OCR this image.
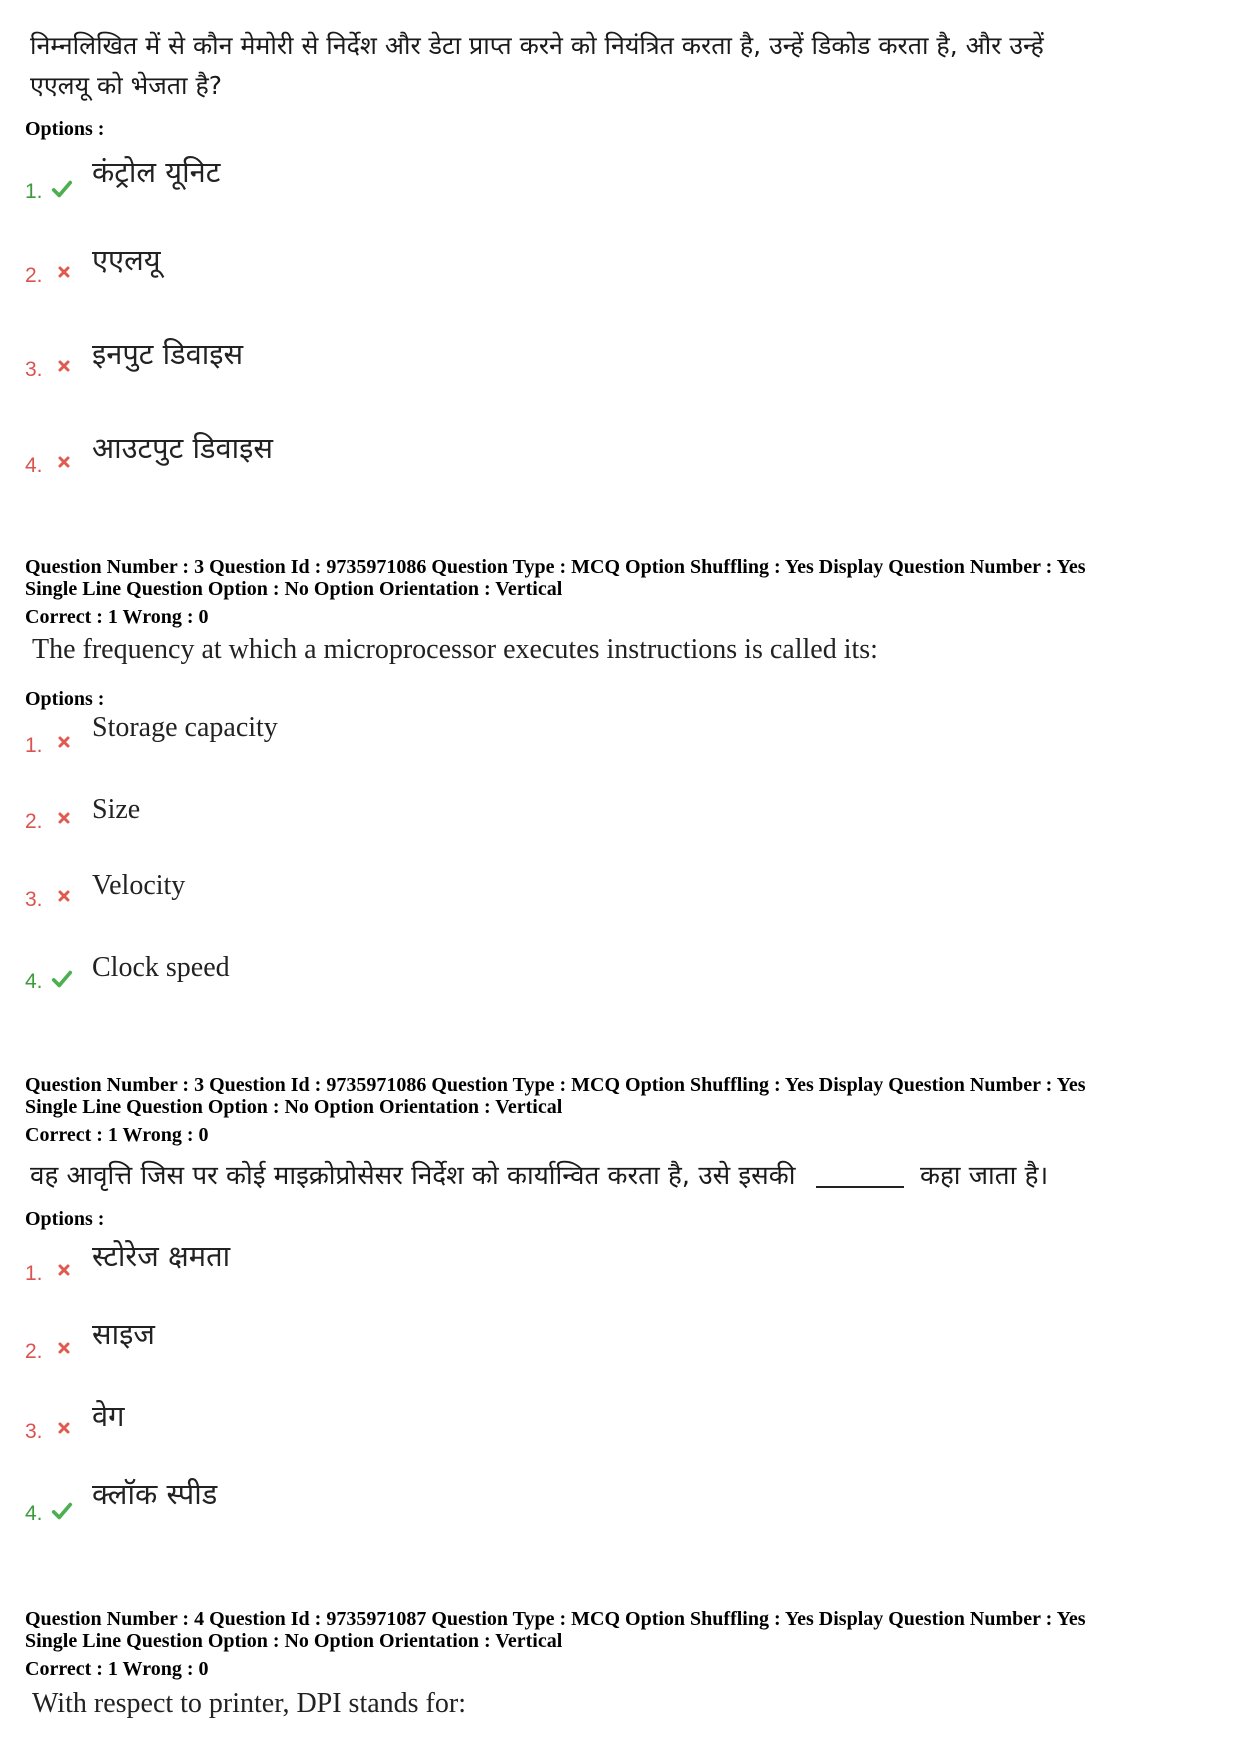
निम्नलिखित में से कौन मेमोरी से निर्देश और डेटा प्राप्त करने को नियंत्रित करता है, उन्हें डिकोड करता है, और उन्हें
एएलयू को भेजता है?
Options :
1.
कंट्रोल यूनिट
2.	एएलयू
3.	इनपुट डिवाइस
4.
आउटपुट डिवाइस
Question Number : 3 Question Id : 9735971086 Question Type : MCQ Option Shuffling : Yes Display Question Number : Yes
Single Line Question Option : No Option Orientation : Vertical
Correct : 1 Wrong : 0
The frequency at which a microprocessor executes instructions is called its:
Options :
1.
Storage capacity
2.	Size
3.	Velocity
4.	Clock speed
Question Number : 3 Question Id : 9735971086 Question Type : MCQ Option Shuffling : Yes Display Question Number : Yes
Single Line Question Option : No Option Orientation : Vertical
Correct : 1 Wrong : 0
वह आवृत्ति जिस पर कोई माइक्रोप्रोसेसर निर्देश को कार्यान्वित करता है, उसे इसकी	कहा जाता है।
Options :
1.
स्टोरेज क्षमता
2.
साइज
3.	वेग
4.
क्लॉक स्पीड
Question Number : 4 Question Id : 9735971087 Question Type : MCQ Option Shuffling : Yes Display Question Number : Yes
Single Line Question Option : No Option Orientation : Vertical
Correct : 1 Wrong : 0
With respect to printer, DPI stands for:
